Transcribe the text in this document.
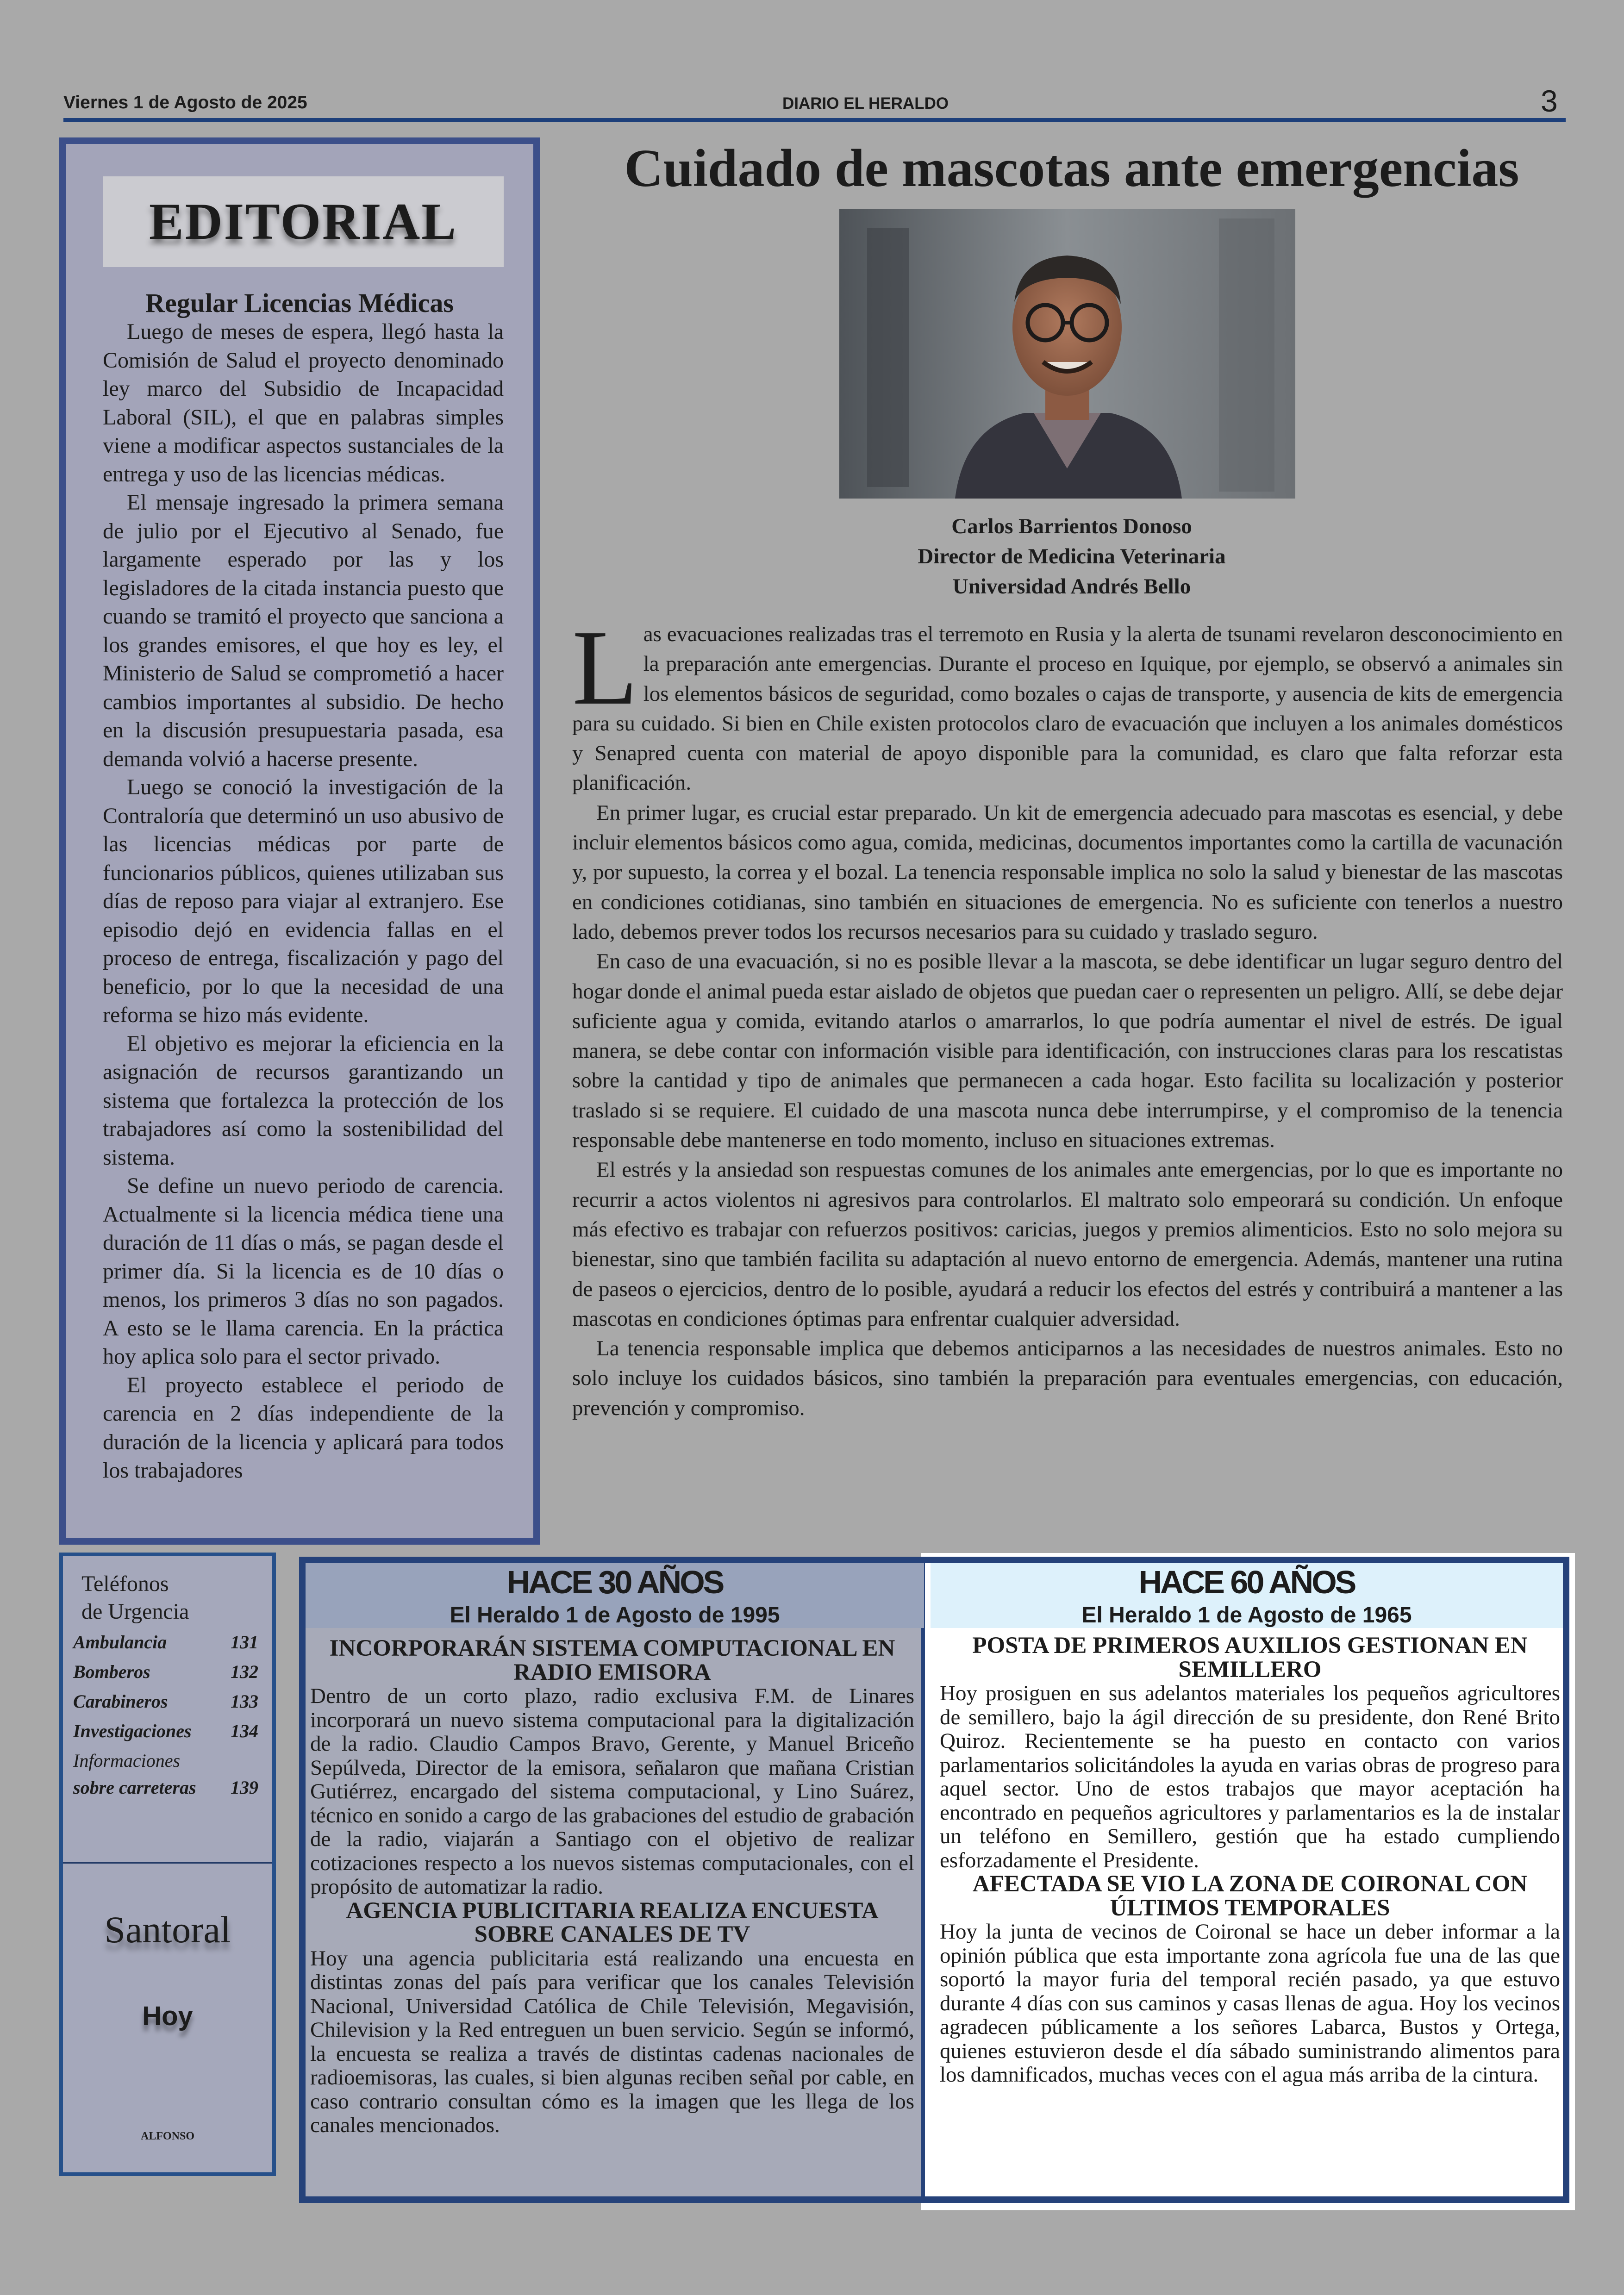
Viernes 1 de Agosto de 2025	DIARIO EL HERALDO	3
EDITORIAL
Regular Licencias Médicas

Luego de meses de espera, llegó hasta la Comisión de Salud el proyecto denominado ley marco del Subsidio de Incapacidad Laboral (SIL), el que en palabras simples viene a modificar aspectos sustanciales de la entrega y uso de las licencias médicas.

El mensaje ingresado la primera semana de julio por el Ejecutivo al Senado, fue largamente esperado por las y los legisladores de la citada instancia puesto que cuando se tramitó el proyecto que sanciona a los grandes emisores, el que hoy es ley, el Ministerio de Salud se comprometió a hacer cambios importantes al subsidio. De hecho en la discusión presupuestaria pasada, esa demanda volvió a hacerse presente.

Luego se conoció la investigación de la Contraloría que determinó un uso abusivo de las licencias médicas por parte de funcionarios públicos, quienes utilizaban sus días de reposo para viajar al extranjero. Ese episodio dejó en evidencia fallas en el proceso de entrega, fiscalización y pago del beneficio, por lo que la necesidad de una reforma se hizo más evidente.

El objetivo es mejorar la eficiencia en la asignación de recursos garantizando un sistema que fortalezca la protección de los trabajadores así como la sostenibilidad del sistema.

Se define un nuevo periodo de carencia. Actualmente si la licencia médica tiene una duración de 11 días o más, se pagan desde el primer día. Si la licencia es de 10 días o menos, los primeros 3 días no son pagados. A esto se le llama carencia. En la práctica hoy aplica solo para el sector privado.

El proyecto establece el periodo de carencia en 2 días independiente de la duración de la licencia y aplicará para todos los trabajadores

Cuidado de mascotas ante emergencias
Carlos Barrientos Donoso
Director de Medicina Veterinaria
Universidad Andrés Bello

Las evacuaciones realizadas tras el terremoto en Rusia y la alerta de tsunami revelaron desconocimiento en la preparación ante emergencias. Durante el proceso en Iquique, por ejemplo, se observó a animales sin los elementos básicos de seguridad, como bozales o cajas de transporte, y ausencia de kits de emergencia para su cuidado. Si bien en Chile existen protocolos claro de evacuación que incluyen a los animales domésticos y Senapred cuenta con material de apoyo disponible para la comunidad, es claro que falta reforzar esta planificación.

En primer lugar, es crucial estar preparado. Un kit de emergencia adecuado para mascotas es esencial, y debe incluir elementos básicos como agua, comida, medicinas, documentos importantes como la cartilla de vacunación y, por supuesto, la correa y el bozal. La tenencia responsable implica no solo la salud y bienestar de las mascotas en condiciones cotidianas, sino también en situaciones de emergencia. No es suficiente con tenerlos a nuestro lado, debemos prever todos los recursos necesarios para su cuidado y traslado seguro.

En caso de una evacuación, si no es posible llevar a la mascota, se debe identificar un lugar seguro dentro del hogar donde el animal pueda estar aislado de objetos que puedan caer o representen un peligro. Allí, se debe dejar suficiente agua y comida, evitando atarlos o amarrarlos, lo que podría aumentar el nivel de estrés. De igual manera, se debe contar con información visible para identificación, con instrucciones claras para los rescatistas sobre la cantidad y tipo de animales que permanecen a cada hogar. Esto facilita su localización y posterior traslado si se requiere. El cuidado de una mascota nunca debe interrumpirse, y el compromiso de la tenencia responsable debe mantenerse en todo momento, incluso en situaciones extremas.

El estrés y la ansiedad son respuestas comunes de los animales ante emergencias, por lo que es importante no recurrir a actos violentos ni agresivos para controlarlos. El maltrato solo empeorará su condición. Un enfoque más efectivo es trabajar con refuerzos positivos: caricias, juegos y premios alimenticios. Esto no solo mejora su bienestar, sino que también facilita su adaptación al nuevo entorno de emergencia. Además, mantener una rutina de paseos o ejercicios, dentro de lo posible, ayudará a reducir los efectos del estrés y contribuirá a mantener a las mascotas en condiciones óptimas para enfrentar cualquier adversidad.

La tenencia responsable implica que debemos anticiparnos a las necesidades de nuestros animales. Esto no solo incluye los cuidados básicos, sino también la preparación para eventuales emergencias, con educación, prevención y compromiso.

Teléfonos
de Urgencia
Ambulancia	131
Bomberos	132
Carabineros	133
Investigaciones 134
Informaciones
sobre carreteras 139
Santoral
Hoy
ALFONSO
HACE 30 AÑOS
El Heraldo 1 de Agosto de 1995
INCORPORARÁN SISTEMA COMPUTACIONAL EN RADIO EMISORA

Dentro de un corto plazo, radio exclusiva F.M. de Linares incorporará un nuevo sistema computacional para la digitalización de la radio. Claudio Campos Bravo, Gerente, y Manuel Briceño Sepúlveda, Director de la emisora, señalaron que mañana Cristian Gutiérrez, encargado del sistema computacional, y Lino Suárez, técnico en sonido a cargo de las grabaciones del estudio de grabación de la radio, viajarán a Santiago con el objetivo de realizar cotizaciones respecto a los nuevos sistemas computacionales, con el propósito de automatizar la radio.

AGENCIA PUBLICITARIA REALIZA ENCUESTA SOBRE CANALES DE TV

Hoy una agencia publicitaria está realizando una encuesta en distintas zonas del país para verificar que los canales Televisión Nacional, Universidad Católica de Chile Televisión, Megavisión, Chilevision y la Red entreguen un buen servicio. Según se informó, la encuesta se realiza a través de distintas cadenas nacionales de radioemisoras, las cuales, si bien algunas reciben señal por cable, en caso contrario consultan cómo es la imagen que les llega de los canales mencionados.

HACE 60 AÑOS
El Heraldo 1 de Agosto de 1965
POSTA DE PRIMEROS AUXILIOS GESTIONAN EN SEMILLERO

Hoy prosiguen en sus adelantos materiales los pequeños agricultores de semillero, bajo la ágil dirección de su presidente, don René Brito Quiroz. Recientemente se ha puesto en contacto con varios parlamentarios solicitándoles la ayuda en varias obras de progreso para aquel sector. Uno de estos trabajos que mayor aceptación ha encontrado en pequeños agricultores y parlamentarios es la de instalar un teléfono en Semillero, gestión que ha estado cumpliendo esforzadamente el Presidente.

AFECTADA SE VIO LA ZONA DE COIRONAL CON ÚLTIMOS TEMPORALES

Hoy la junta de vecinos de Coironal se hace un deber informar a la opinión pública que esta importante zona agrícola fue una de las que soportó la mayor furia del temporal recién pasado, ya que estuvo durante 4 días con sus caminos y casas llenas de agua. Hoy los vecinos agradecen públicamente a los señores Labarca, Bustos y Ortega, quienes estuvieron desde el día sábado suministrando alimentos para los damnificados, muchas veces con el agua más arriba de la cintura.
